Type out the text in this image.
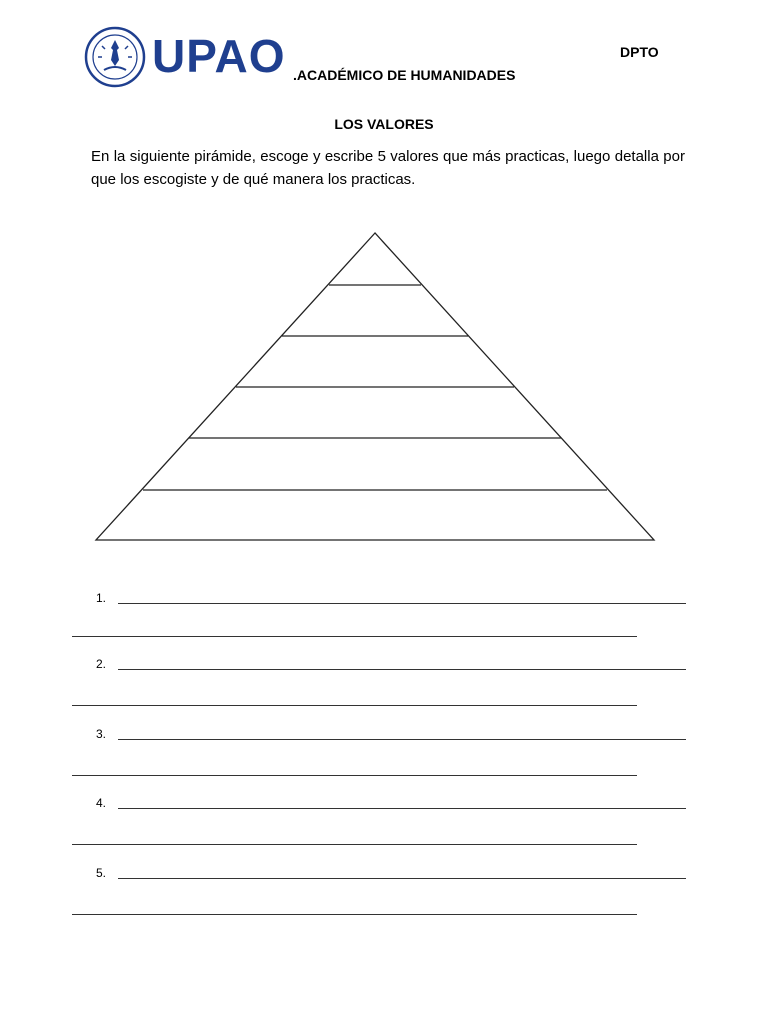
UPAO	DPTO
.ACADÉMICO DE HUMANIDADES
LOS VALORES
En la siguiente pirámide, escoge y escribe 5 valores que más practicas, luego detalla por que los escogiste y de qué manera los practicas.
1.
2.
3.
4.
5.
